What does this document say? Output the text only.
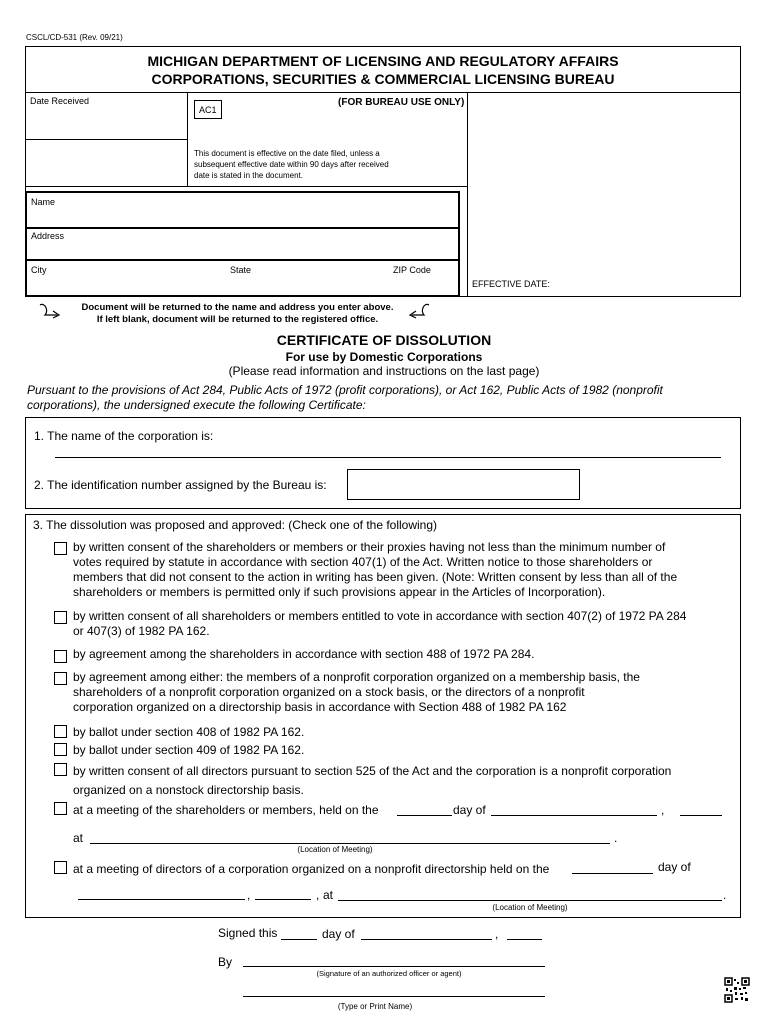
CSCL/CD-531 (Rev. 09/21)
MICHIGAN DEPARTMENT OF LICENSING AND REGULATORY AFFAIRS
CORPORATIONS, SECURITIES & COMMERCIAL LICENSING BUREAU
Date Received
AC1
(FOR BUREAU USE ONLY)
This document is effective on the date filed, unless a
subsequent effective date within 90 days after received
date is stated in the document.
EFFECTIVE DATE:
Name
Address
City	State	ZIP Code
Document will be returned to the name and address you enter above.
If left blank, document will be returned to the registered office.
CERTIFICATE OF DISSOLUTION
For use by Domestic Corporations
(Please read information and instructions on the last page)
Pursuant to the provisions of Act 284, Public Acts of 1972 (profit corporations), or Act 162, Public Acts of 1982 (nonprofit
corporations), the undersigned execute the following Certificate:
1. The name of the corporation is:
2. The identification number assigned by the Bureau is:
3. The dissolution was proposed and approved: (Check one of the following)
by written consent of the shareholders or members or their proxies having not less than the minimum number of
votes required by statute in accordance with section 407(1) of the Act. Written notice to those shareholders or
members that did not consent to the action in writing has been given. (Note: Written consent by less than all of the
shareholders or members is permitted only if such provisions appear in the Articles of Incorporation).
by written consent of all shareholders or members entitled to vote in accordance with section 407(2) of 1972 PA 284
or 407(3) of 1982 PA 162.
by agreement among the shareholders in accordance with section 488 of 1972 PA 284.
by agreement among either: the members of a nonprofit corporation organized on a membership basis, the
shareholders of a nonprofit corporation organized on a stock basis, or the directors of a nonprofit
corporation organized on a directorship basis in accordance with Section 488 of 1982 PA 162
by ballot under section 408 of 1982 PA 162.
by ballot under section 409 of 1982 PA 162.
by written consent of all directors pursuant to section 525 of the Act and the corporation is a nonprofit corporation
organized on a nonstock directorship basis.
at a meeting of the shareholders or members, held on the	day of	,
at	.
(Location of Meeting)
at a meeting of directors of a corporation organized on a nonprofit directorship held on the	day of
,	, at	.
(Location of Meeting)
Signed this	day of	,
By
(Signature of an authorized officer or agent)
(Type or Print Name)
